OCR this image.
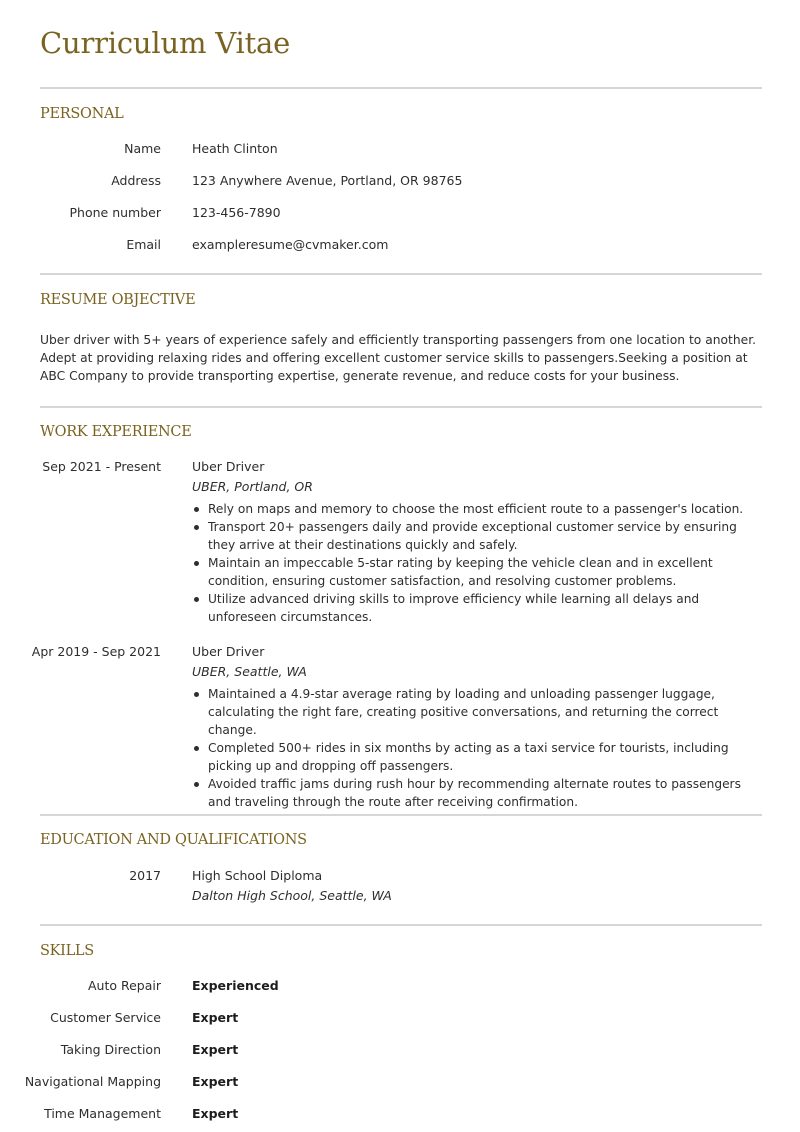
Curriculum Vitae
PERSONAL
Name Heath Clinton
Address 123 Anywhere Avenue, Portland, OR 98765
Phone number 123-456-7890
Email exampleresume@cvmaker.com
RESUME OBJECTIVE
Uber driver with 5+ years of experience safely and efficiently transporting passengers from one location to another. Adept at providing relaxing rides and offering excellent customer service skills to passengers.Seeking a position at ABC Company to provide transporting expertise, generate revenue, and reduce costs for your business.
WORK EXPERIENCE
Sep 2021 - Present Uber Driver
UBER, Portland, OR
Rely on maps and memory to choose the most efficient route to a passenger's location.
Transport 20+ passengers daily and provide exceptional customer service by ensuring they arrive at their destinations quickly and safely.
Maintain an impeccable 5-star rating by keeping the vehicle clean and in excellent condition, ensuring customer satisfaction, and resolving customer problems.
Utilize advanced driving skills to improve efficiency while learning all delays and unforeseen circumstances.
Apr 2019 - Sep 2021 Uber Driver
UBER, Seattle, WA
Maintained a 4.9-star average rating by loading and unloading passenger luggage, calculating the right fare, creating positive conversations, and returning the correct change.
Completed 500+ rides in six months by acting as a taxi service for tourists, including picking up and dropping off passengers.
Avoided traffic jams during rush hour by recommending alternate routes to passengers and traveling through the route after receiving confirmation.
EDUCATION AND QUALIFICATIONS
2017 High School Diploma
Dalton High School, Seattle, WA
SKILLS
Auto Repair Experienced
Customer Service Expert
Taking Direction Expert
Navigational Mapping Expert
Time Management Expert
